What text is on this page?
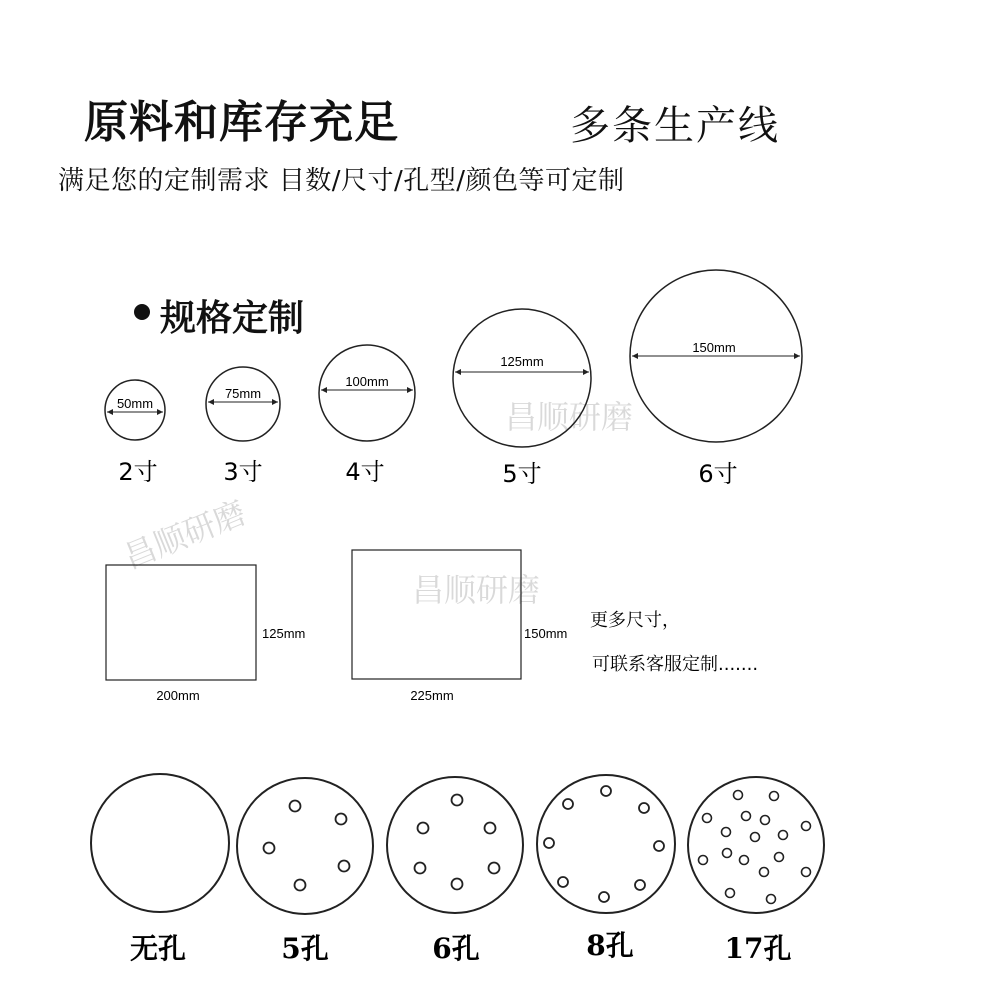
原料和库存充足	多条生产线
满足您的定制需求 目数/尺寸/孔型/颜色等可定制
规格定制
昌顺研磨
昌顺研磨
昌顺研磨
50mm
2寸
75mm
3寸
100mm
4寸
125mm
5寸
150mm
6寸
125mm
200mm
150mm
225mm
更多尺寸，
可联系客服定制.......
无孔	5孔	6孔	8孔	17孔
